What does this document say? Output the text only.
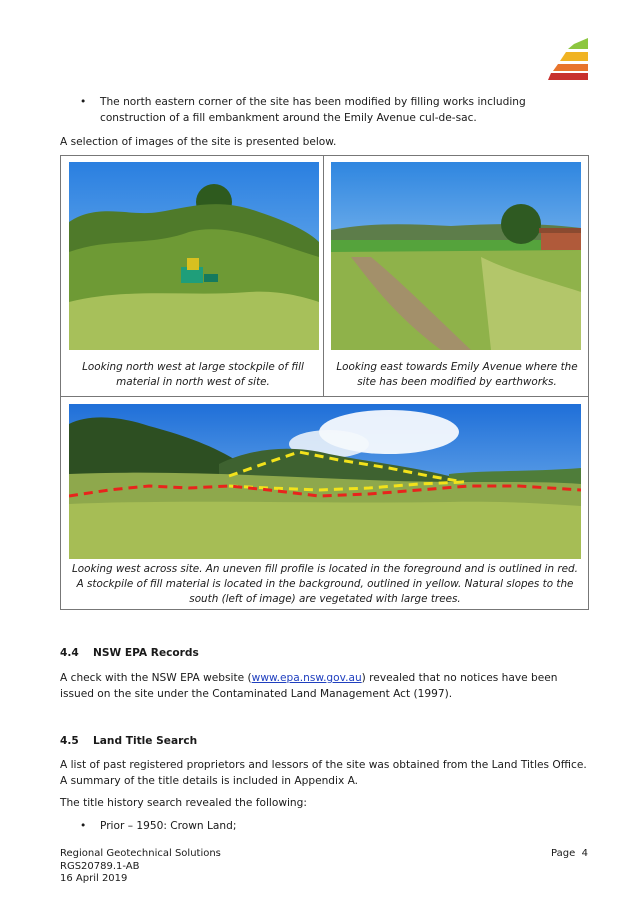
• The north eastern corner of the site has been modified by filling works including construction of a fill embankment around the Emily Avenue cul-de-sac.
A selection of images of the site is presented below.
Looking north west at large stockpile of fill material in north west of site.
Looking east towards Emily Avenue where the site has been modified by earthworks.
Looking west across site. An uneven fill profile is located in the foreground and is outlined in red. A stockpile of fill material is located in the background, outlined in yellow. Natural slopes to the south (left of image) are vegetated with large trees.
4.4 NSW EPA Records
A check with the NSW EPA website (www.epa.nsw.gov.au) revealed that no notices have been issued on the site under the Contaminated Land Management Act (1997).
4.5 Land Title Search
A list of past registered proprietors and lessors of the site was obtained from the Land Titles Office. A summary of the title details is included in Appendix A.
The title history search revealed the following:
• Prior – 1950: Crown Land;
Regional Geotechnical Solutions
RGS20789.1-AB
16 April 2019
Page 4
